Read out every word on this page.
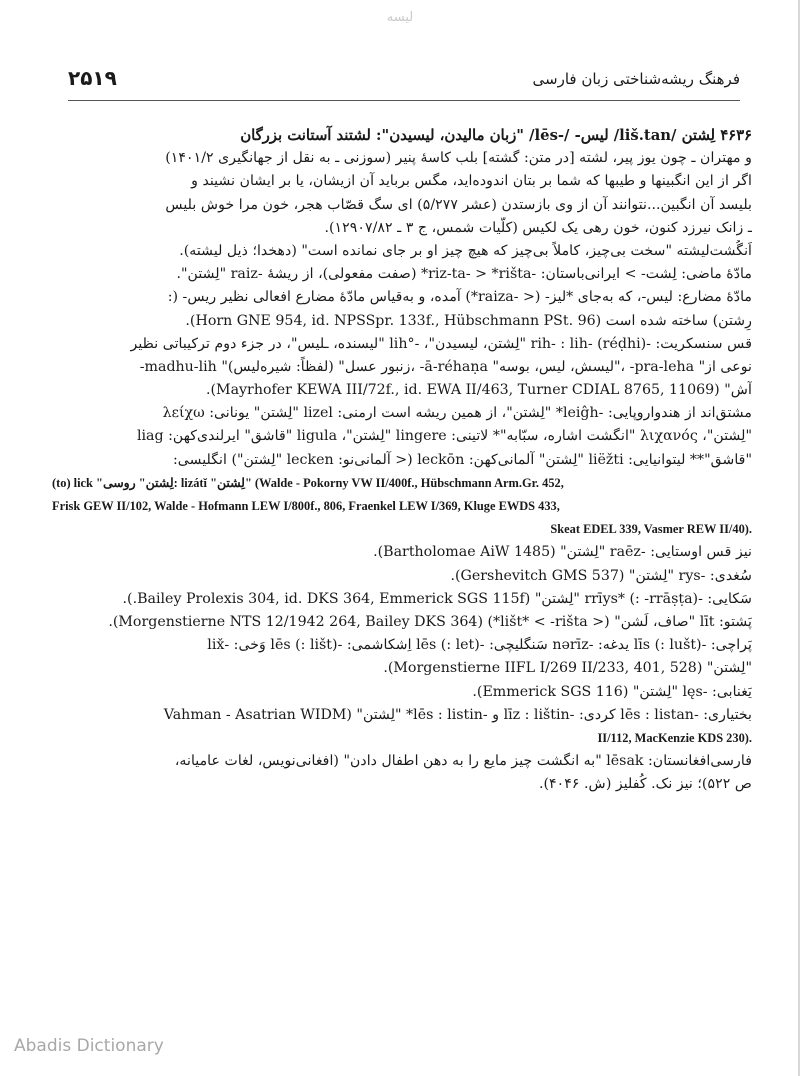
لیسه
۲۵۱۹	فرهنگ ریشه‌شناختی زبان فارسی
۴۶۳۶ لِشتن /liš.tan/ لیس- /-lēs/ "زبان مالیدن، لیسیدن": لشتند آستانت بزرگان
و مهتران ـ چون یوز پیر، لشته [در متن: گشته] بلب کاسهٔ پنیر (سوزنی ـ به نقل از جهانگیری ۱۴۰۱/۲)
اگر از این انگبینها و طیبها که شما بر بتان اندوده‌اید، مگس برباید آن ازیشان، یا بر ایشان نشیند و
بلیسد آن انگبین...نتوانند آن از وی بازستدن (عشر ۵/۲۷۷) ای سگ قصّاب هجر، خون مرا خوش بلیس
ـ زانک نیرزد کنون، خون رهی یک لکیس (کلّیات شمس، ج ۳ ـ ۱۲۹۰۷/۸۲).
اَنگُشت‌لیشته "سخت بی‌چیز، کاملاً بی‌چیز که هیچ چیز او بر جای نمانده است" (دهخدا؛ ذیل لیشته).
مادّهٔ ماضی: لِشت- > ایرانی‌باستان: -riz-ta- > *rišta* (صفت مفعولی)، از ریشهٔ -raiz "لِشتن".
مادّهٔ مضارع: لیس-، که به‌جای *لیز- (< -raiza*) آمده، و به‌قیاس مادّهٔ مضارع افعالی نظیر ریس- (:
رِشتن) ساخته شده است (Horn GNE 954, id. NPSSpr. 133f., Hübschmann PSt. 96).
قس سنسکریت: -rih- : lih- (réḍhi) "لِشتن، لیسیدن"، -°lih "لیسنده، ـلیس"، در جزء دوم ترکیباتی نظیر
-madhu-lih "زنبور عسل" (لفظاً: شیره‌لیس)، -ā-réhaṇa "لیسش، لیس، بوسه"، -pra-leha "نوعی از
آش" (Mayrhofer KEWA III/72f., id. EWA II/463, Turner CDIAL 8765, 11069).
مشتق‌اند از هندواروپایی: -leiĝh* "لِشتن"، از همین ریشه است ارمنی: lizel "لِشتن" یونانی: λείχω
"لِشتن"، λιχανός "انگشت اشاره، سبّابه"* لاتینی: lingere "لِشتن"، ligula "قاشق" ایرلندی‌کهن: liag
"قاشق"** لیتوانیایی: liëžti "لِشتن" آلمانی‌کهن: leckōn (< آلمانی‌نو: lecken "لِشتن") انگلیسی:
(to) lick "لِشتن" روسی: lizátĭ "لِشتن" (Walde - Pokorny VW II/400f., Hübschmann Arm.Gr. 452,
Frisk GEW II/102, Walde - Hofmann LEW I/800f., 806, Fraenkel LEW I/369, Kluge EWDS 433,
Skeat EDEL 339, Vasmer REW II/40).
نیز قس اوستایی: -raēz "لِشتن" (Bartholomae AiW 1485).
سُغدی: -rys "لِشتن" (Gershevitch GMS 537).
سَکایی: -rrīys* (: -rrāṣṭa) "لِشتن" (Bailey Prolexis 304, id. DKS 364, Emmerick SGS 115f.).
پَشتو: līt "صاف، لَشن" (< lišt* < -rišta*) (Morgenstierne NTS 12/1942 264, Bailey DKS 364).
پَراچی: -līs (: lušt) یدغه: -nərīz سَنگلیچی: -lēs (: let) اِشکاشمی: -lēs (: lišt) وَخی: -lix̌
"لِشتن" (Morgenstierne IIFL I/269 II/233, 401, 528).
یَغنابی: -lęs "لِشتن" (Emmerick SGS 116).
بختیاری: -lēs : listan کردی: -līz : lištin و -lēs : listin* "لِشتن" (Vahman - Asatrian WIDM
II/112, MacKenzie KDS 230).
فارسی‌افغانستان: lēsak "به انگشت چیز مایع را به دهن اطفال دادن" (افغانی‌نویس، لغات عامیانه،
ص ۵۲۲)؛ نیز نک. کُفلیز (ش. ۴۰۴۶).
Abadis Dictionary
